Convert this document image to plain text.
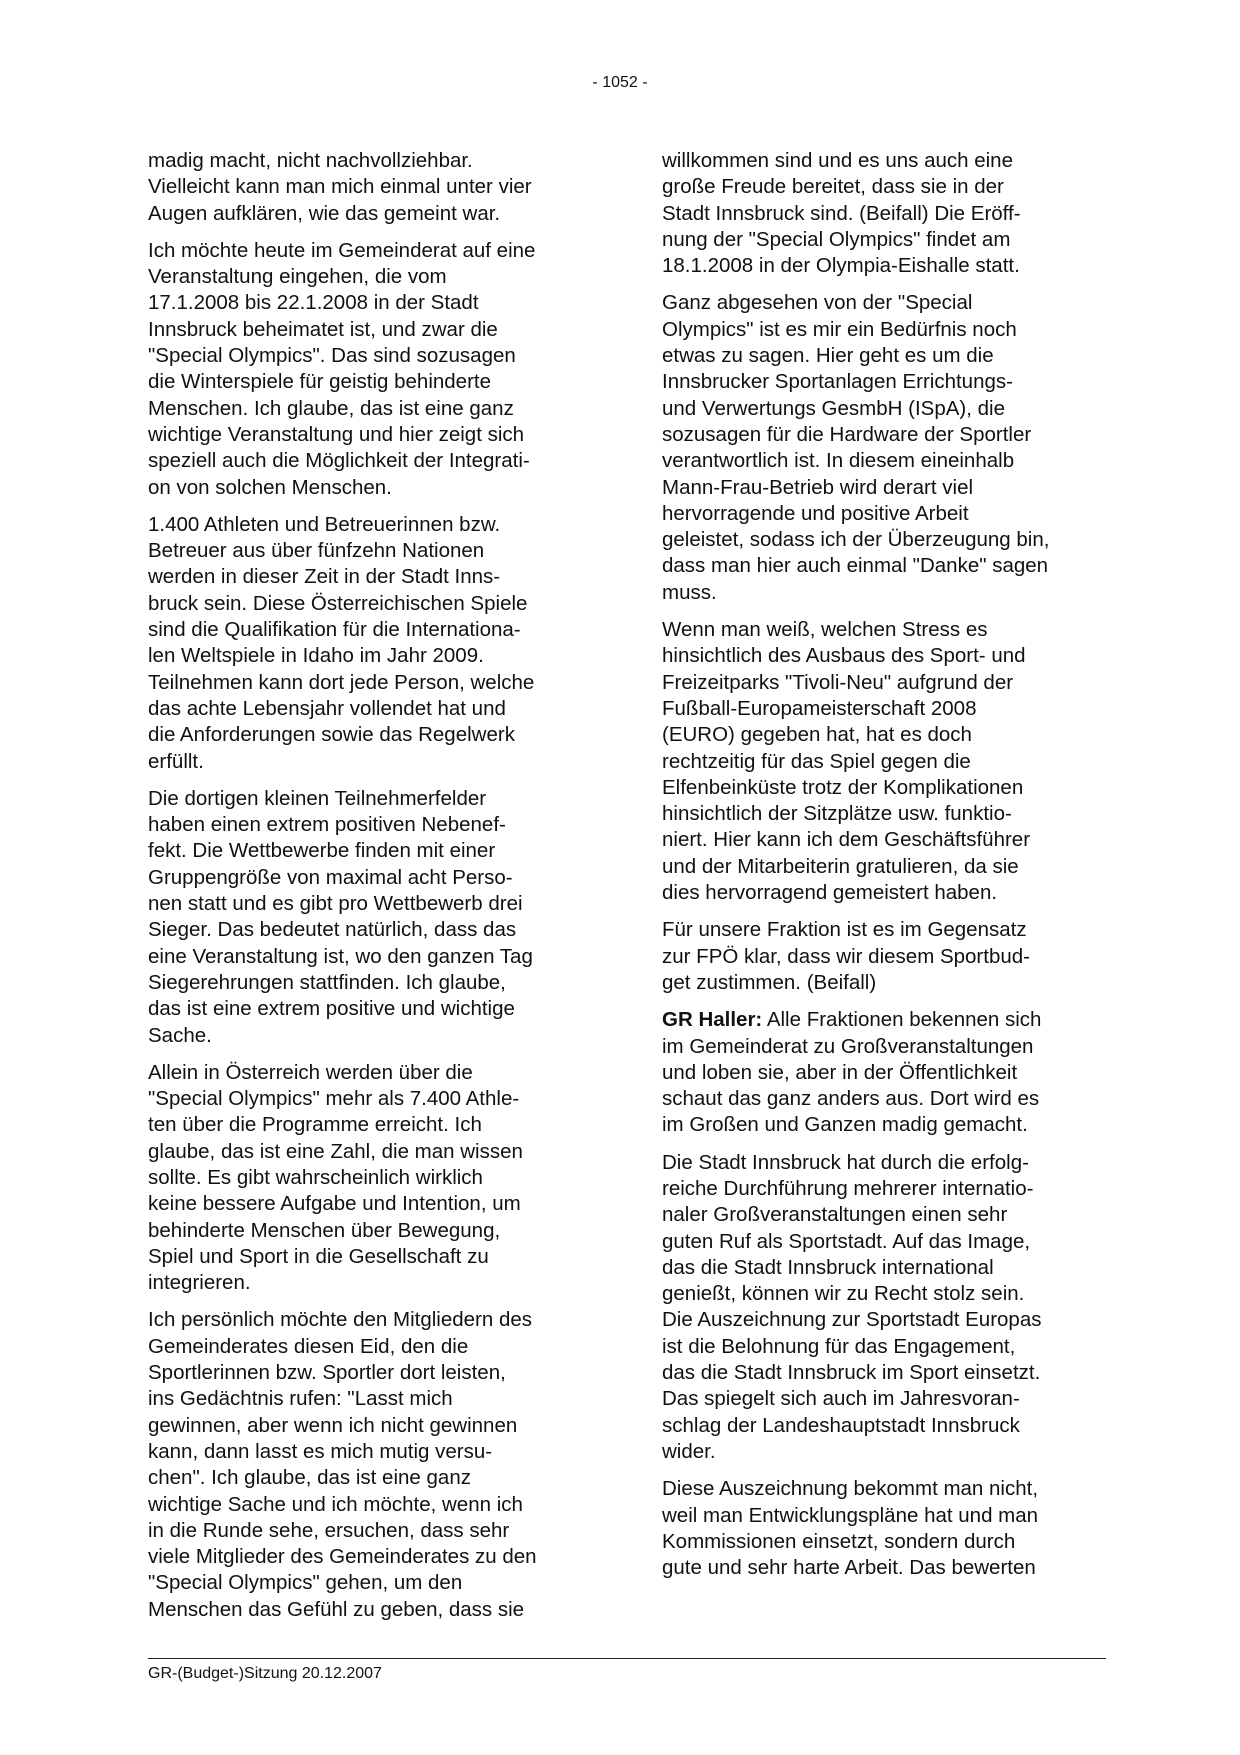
- 1052 -

madig macht, nicht nachvollziehbar.
Vielleicht kann man mich einmal unter vier
Augen aufklären, wie das gemeint war.

Ich möchte heute im Gemeinderat auf eine
Veranstaltung eingehen, die vom
17.1.2008 bis 22.1.2008 in der Stadt
Innsbruck beheimatet ist, und zwar die
"Special Olympics". Das sind sozusagen
die Winterspiele für geistig behinderte
Menschen. Ich glaube, das ist eine ganz
wichtige Veranstaltung und hier zeigt sich
speziell auch die Möglichkeit der Integrati-
on von solchen Menschen.

1.400 Athleten und Betreuerinnen bzw.
Betreuer aus über fünfzehn Nationen
werden in dieser Zeit in der Stadt Inns-
bruck sein. Diese Österreichischen Spiele
sind die Qualifikation für die Internationa-
len Weltspiele in Idaho im Jahr 2009.
Teilnehmen kann dort jede Person, welche
das achte Lebensjahr vollendet hat und
die Anforderungen sowie das Regelwerk
erfüllt.

Die dortigen kleinen Teilnehmerfelder
haben einen extrem positiven Nebenef-
fekt. Die Wettbewerbe finden mit einer
Gruppengröße von maximal acht Perso-
nen statt und es gibt pro Wettbewerb drei
Sieger. Das bedeutet natürlich, dass das
eine Veranstaltung ist, wo den ganzen Tag
Siegerehrungen stattfinden. Ich glaube,
das ist eine extrem positive und wichtige
Sache.

Allein in Österreich werden über die
"Special Olympics" mehr als 7.400 Athle-
ten über die Programme erreicht. Ich
glaube, das ist eine Zahl, die man wissen
sollte. Es gibt wahrscheinlich wirklich
keine bessere Aufgabe und Intention, um
behinderte Menschen über Bewegung,
Spiel und Sport in die Gesellschaft zu
integrieren.

Ich persönlich möchte den Mitgliedern des
Gemeinderates diesen Eid, den die
Sportlerinnen bzw. Sportler dort leisten,
ins Gedächtnis rufen: "Lasst mich
gewinnen, aber wenn ich nicht gewinnen
kann, dann lasst es mich mutig versu-
chen". Ich glaube, das ist eine ganz
wichtige Sache und ich möchte, wenn ich
in die Runde sehe, ersuchen, dass sehr
viele Mitglieder des Gemeinderates zu den
"Special Olympics" gehen, um den
Menschen das Gefühl zu geben, dass sie

willkommen sind und es uns auch eine
große Freude bereitet, dass sie in der
Stadt Innsbruck sind. (Beifall) Die Eröff-
nung der "Special Olympics" findet am
18.1.2008 in der Olympia-Eishalle statt.

Ganz abgesehen von der "Special
Olympics" ist es mir ein Bedürfnis noch
etwas zu sagen. Hier geht es um die
Innsbrucker Sportanlagen Errichtungs-
und Verwertungs GesmbH (ISpA), die
sozusagen für die Hardware der Sportler
verantwortlich ist. In diesem eineinhalb
Mann-Frau-Betrieb wird derart viel
hervorragende und positive Arbeit
geleistet, sodass ich der Überzeugung bin,
dass man hier auch einmal "Danke" sagen
muss.

Wenn man weiß, welchen Stress es
hinsichtlich des Ausbaus des Sport- und
Freizeitparks "Tivoli-Neu" aufgrund der
Fußball-Europameisterschaft 2008
(EURO) gegeben hat, hat es doch
rechtzeitig für das Spiel gegen die
Elfenbeinküste trotz der Komplikationen
hinsichtlich der Sitzplätze usw. funktio-
niert. Hier kann ich dem Geschäftsführer
und der Mitarbeiterin gratulieren, da sie
dies hervorragend gemeistert haben.

Für unsere Fraktion ist es im Gegensatz
zur FPÖ klar, dass wir diesem Sportbud-
get zustimmen. (Beifall)

GR Haller: Alle Fraktionen bekennen sich
im Gemeinderat zu Großveranstaltungen
und loben sie, aber in der Öffentlichkeit
schaut das ganz anders aus. Dort wird es
im Großen und Ganzen madig gemacht.

Die Stadt Innsbruck hat durch die erfolg-
reiche Durchführung mehrerer internatio-
naler Großveranstaltungen einen sehr
guten Ruf als Sportstadt. Auf das Image,
das die Stadt Innsbruck international
genießt, können wir zu Recht stolz sein.
Die Auszeichnung zur Sportstadt Europas
ist die Belohnung für das Engagement,
das die Stadt Innsbruck im Sport einsetzt.
Das spiegelt sich auch im Jahresvoran-
schlag der Landeshauptstadt Innsbruck
wider.

Diese Auszeichnung bekommt man nicht,
weil man Entwicklungspläne hat und man
Kommissionen einsetzt, sondern durch
gute und sehr harte Arbeit. Das bewerten

GR-(Budget-)Sitzung 20.12.2007
